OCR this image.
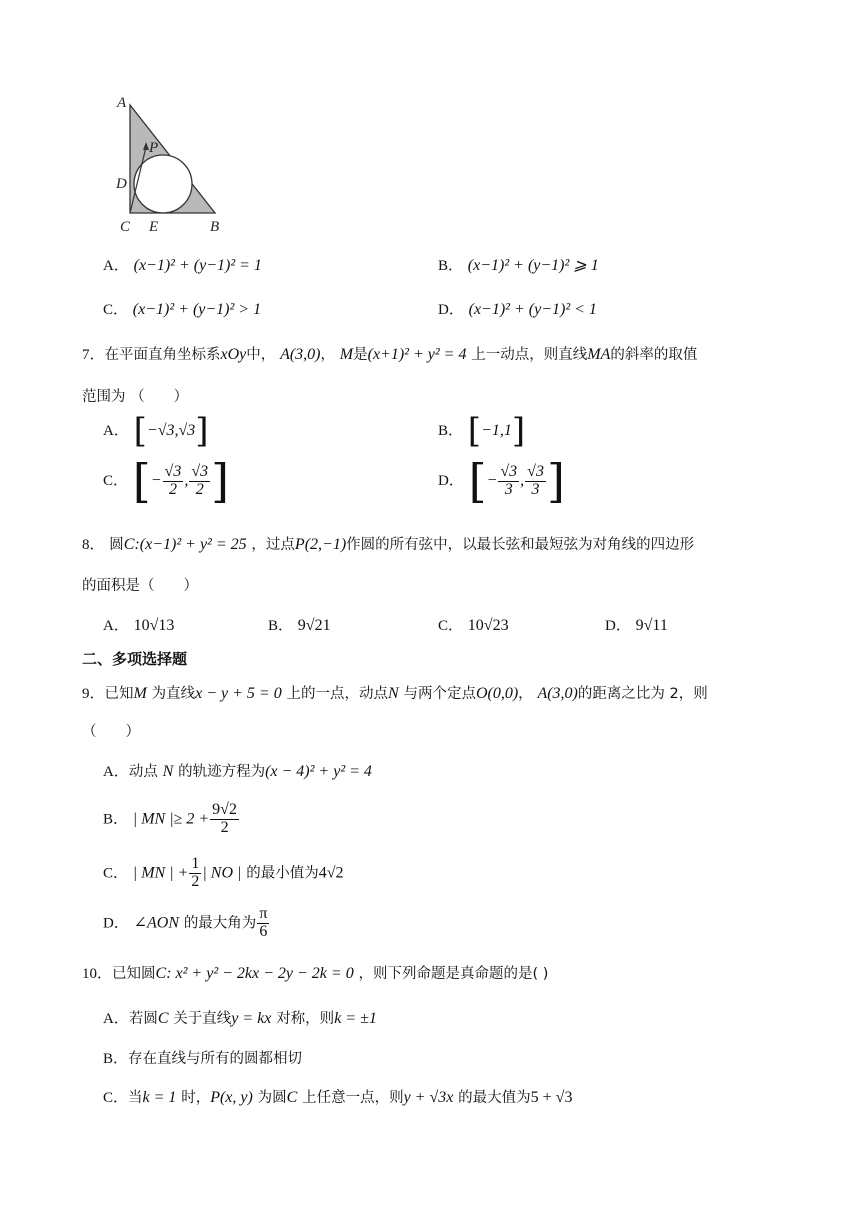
A
P
D
C E	B
A． (x−1)² + (y−1)² = 1	B． (x−1)² + (y−1)² ⩾ 1
C． (x−1)² + (y−1)² > 1	D． (x−1)² + (y−1)² < 1
7．在平面直角坐标系xOy中， A(3,0)， M是(x+1)² + y² = 4 上一动点，则直线MA的斜率的取值
范围为 （　　）
A． [−√3,√3]	B． [−1,1]
C． [− $\frac{√3}{2}$ , $\frac{√3}{2}$ ]	D． [− $\frac{√3}{3}$ , $\frac{√3}{3}$ ]
8． 圆C:(x−1)² + y² = 25 ，过点P(2,−1)作圆的所有弦中，以最长弦和最短弦为对角线的四边形
的面积是（　　）
A． 10√13	B． 9√21	C． 10√23	D． 9√11
二、多项选择题
9．已知M 为直线x − y + 5 = 0 上的一点，动点N 与两个定点O(0,0)， A(3,0)的距离之比为 2，则
（　　）
A．动点 N 的轨迹方程为(x − 4)² + y² = 4
B． | MN |≥ $2 + \frac{9√2}{2}$
C． | MN | + $\frac{1}{2}$ | NO | 的最小值为4√2
D． ∠AON 的最大角为 $\frac{\pi}{6}$
10．已知圆C: x² + y² − 2kx − 2y − 2k = 0 ，则下列命题是真命题的是( )
A．若圆C 关于直线y = kx 对称，则k = ±1
B．存在直线与所有的圆都相切
C．当k = 1 时，P(x, y) 为圆C 上任意一点，则y + √3x 的最大值为5 + √3
